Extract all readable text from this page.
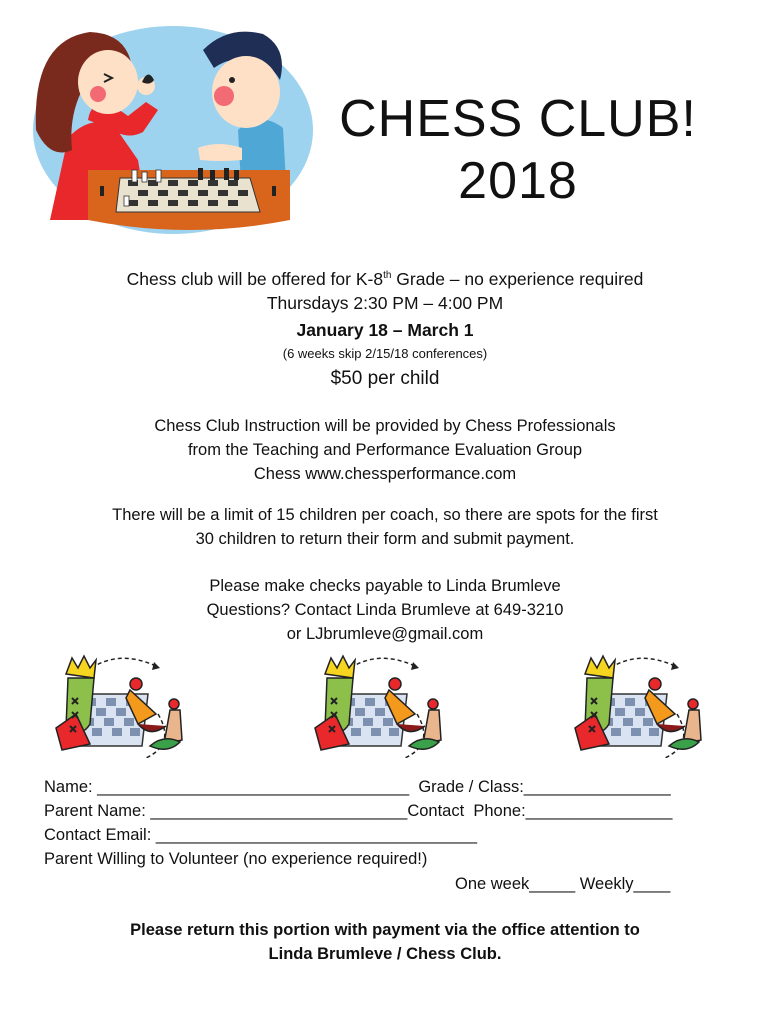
CHESS CLUB!
2018
Chess club will be offered for K-8th Grade – no experience required
Thursdays 2:30 PM – 4:00 PM
January 18 – March 1
(6 weeks skip 2/15/18 conferences)
$50 per child
Chess Club Instruction will be provided by Chess Professionals
from the Teaching and Performance Evaluation Group
Chess www.chessperformance.com
There will be a limit of 15 children per coach, so there are spots for the first
30 children to return their form and submit payment.
Please make checks payable to Linda Brumleve
Questions? Contact Linda Brumleve at 649-3210
or LJbrumleve@gmail.com
Name: __________________________________  Grade / Class:________________
Parent Name: ____________________________Contact  Phone:________________
Contact Email: ___________________________________
Parent Willing to Volunteer (no experience required!)
One week_____ Weekly____
Please return this portion with payment via the office attention to
Linda Brumleve / Chess Club.
